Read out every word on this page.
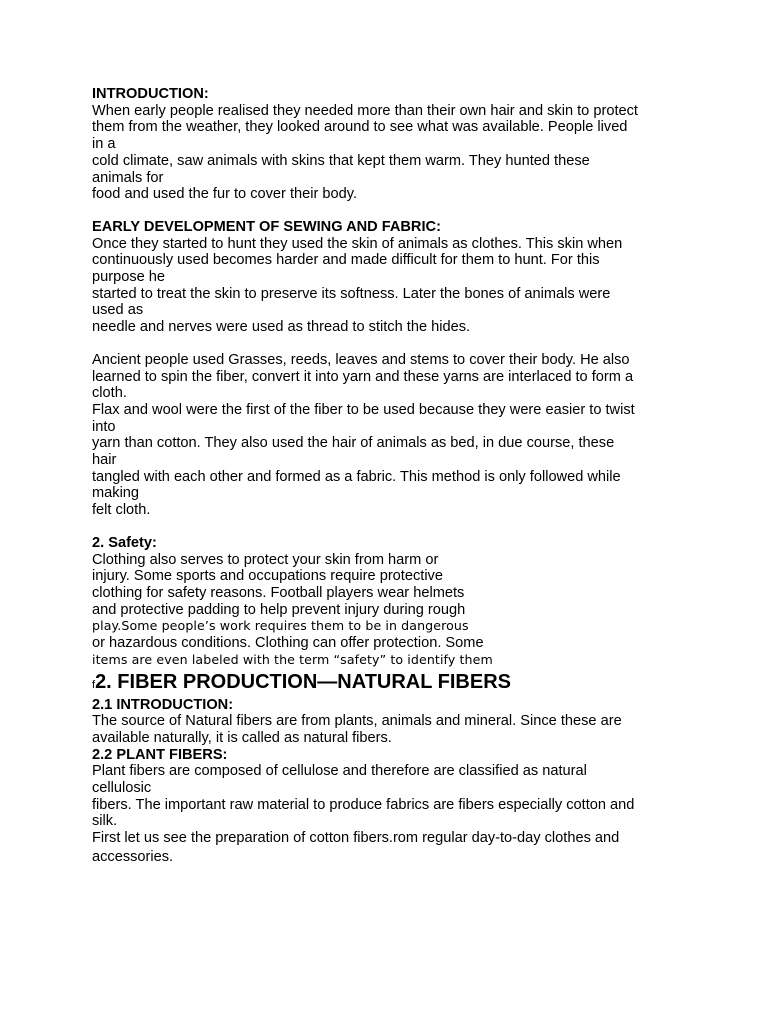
INTRODUCTION:
When early people realised they needed more than their own hair and skin to protect
them from the weather, they looked around to see what was available. People lived
in a
cold climate, saw animals with skins that kept them warm. They hunted these
animals for
food and used the fur to cover their body.
EARLY DEVELOPMENT OF SEWING AND FABRIC:
Once they started to hunt they used the skin of animals as clothes. This skin when
continuously used becomes harder and made difficult for them to hunt. For this
purpose he
started to treat the skin to preserve its softness. Later the bones of animals were
used as
needle and nerves were used as thread to stitch the hides.
Ancient people used Grasses, reeds, leaves and stems to cover their body. He also
learned to spin the fiber, convert it into yarn and these yarns are interlaced to form a
cloth.
Flax and wool were the first of the fiber to be used because they were easier to twist
into
yarn than cotton. They also used the hair of animals as bed, in due course, these
hair
tangled with each other and formed as a fabric. This method is only followed while
making
felt cloth.
2. Safety:
Clothing also serves to protect your skin from harm or
injury. Some sports and occupations require protective
clothing for safety reasons. Football players wear helmets
and protective padding to help prevent injury during rough
play.Some people’s work requires them to be in dangerous
or hazardous conditions. Clothing can offer protection. Some
items are even labeled with the term “safety” to identify them
f2. FIBER PRODUCTION—NATURAL FIBERS
2.1 INTRODUCTION:
The source of Natural fibers are from plants, animals and mineral. Since these are
available naturally, it is called as natural fibers.
2.2 PLANT FIBERS:
Plant fibers are composed of cellulose and therefore are classified as natural
cellulosic
fibers. The important raw material to produce fabrics are fibers especially cotton and
silk.
First let us see the preparation of cotton fibers.rom regular day-to-day clothes and
accessories.
